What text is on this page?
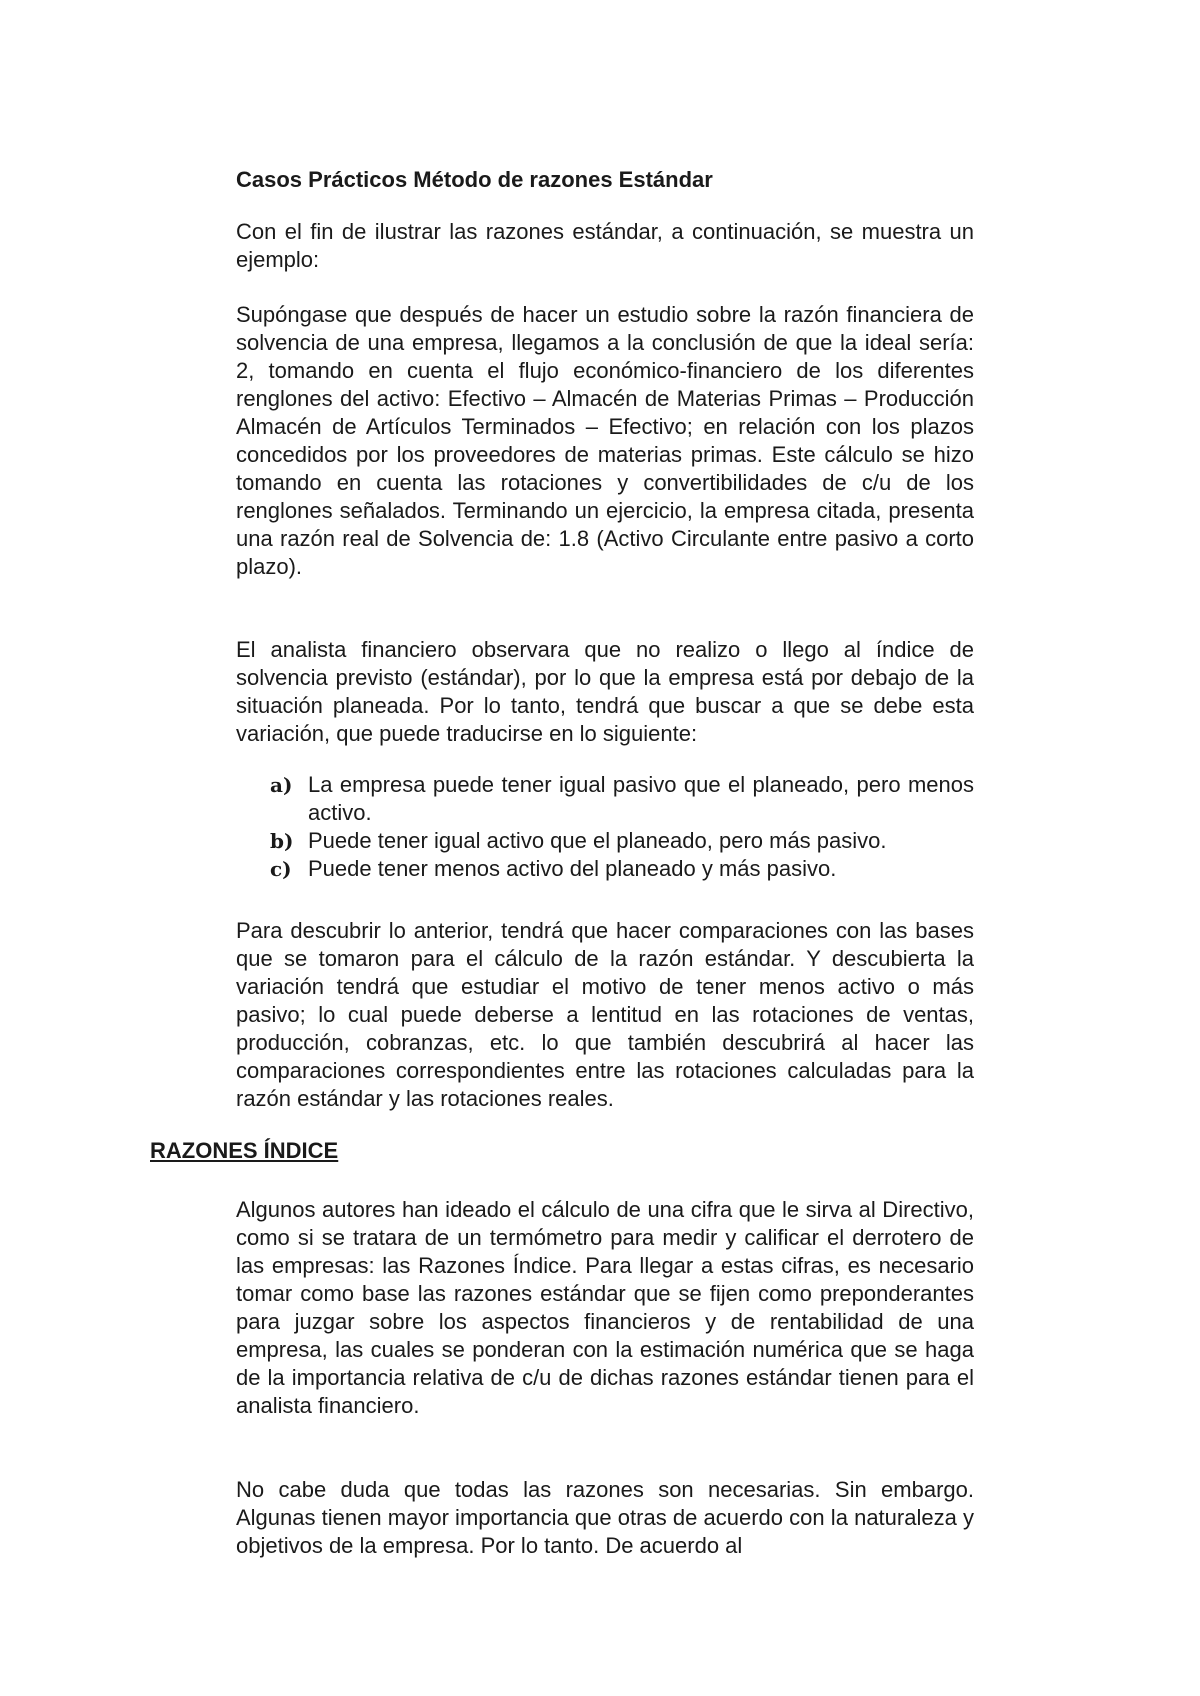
Casos Prácticos Método de razones Estándar

Con el fin de ilustrar las razones estándar, a continuación, se muestra un ejemplo:

Supóngase que después de hacer un estudio sobre la razón financiera de solvencia de una empresa, llegamos a la conclusión de que la ideal sería: 2, tomando en cuenta el flujo económico-financiero de los diferentes renglones del activo: Efectivo – Almacén de Materias Primas – Producción Almacén de Artículos Terminados – Efectivo; en relación con los plazos concedidos por los proveedores de materias primas. Este cálculo se hizo tomando en cuenta las rotaciones y convertibilidades de c/u de los renglones señalados. Terminando un ejercicio, la empresa citada, presenta una razón real de Solvencia de: 1.8 (Activo Circulante entre pasivo a corto plazo).

El analista financiero observara que no realizo o llego al índice de solvencia previsto (estándar), por lo que la empresa está por debajo de la situación planeada. Por lo tanto, tendrá que buscar a que se debe esta variación, que puede traducirse en lo siguiente:

a) La empresa puede tener igual pasivo que el planeado, pero menos activo.
b) Puede tener igual activo que el planeado, pero más pasivo.
c) Puede tener menos activo del planeado y más pasivo.

Para descubrir lo anterior, tendrá que hacer comparaciones con las bases que se tomaron para el cálculo de la razón estándar. Y descubierta la variación tendrá que estudiar el motivo de tener menos activo o más pasivo; lo cual puede deberse a lentitud en las rotaciones de ventas, producción, cobranzas, etc. lo que también descubrirá al hacer las comparaciones correspondientes entre las rotaciones calculadas para la razón estándar y las rotaciones reales.

RAZONES ÍNDICE

Algunos autores han ideado el cálculo de una cifra que le sirva al Directivo, como si se tratara de un termómetro para medir y calificar el derrotero de las empresas: las Razones Índice. Para llegar a estas cifras, es necesario tomar como base las razones estándar que se fijen como preponderantes para juzgar sobre los aspectos financieros y de rentabilidad de una empresa, las cuales se ponderan con la estimación numérica que se haga de la importancia relativa de c/u de dichas razones estándar tienen para el analista financiero.

No cabe duda que todas las razones son necesarias. Sin embargo. Algunas tienen mayor importancia que otras de acuerdo con la naturaleza y objetivos de la empresa. Por lo tanto. De acuerdo al
